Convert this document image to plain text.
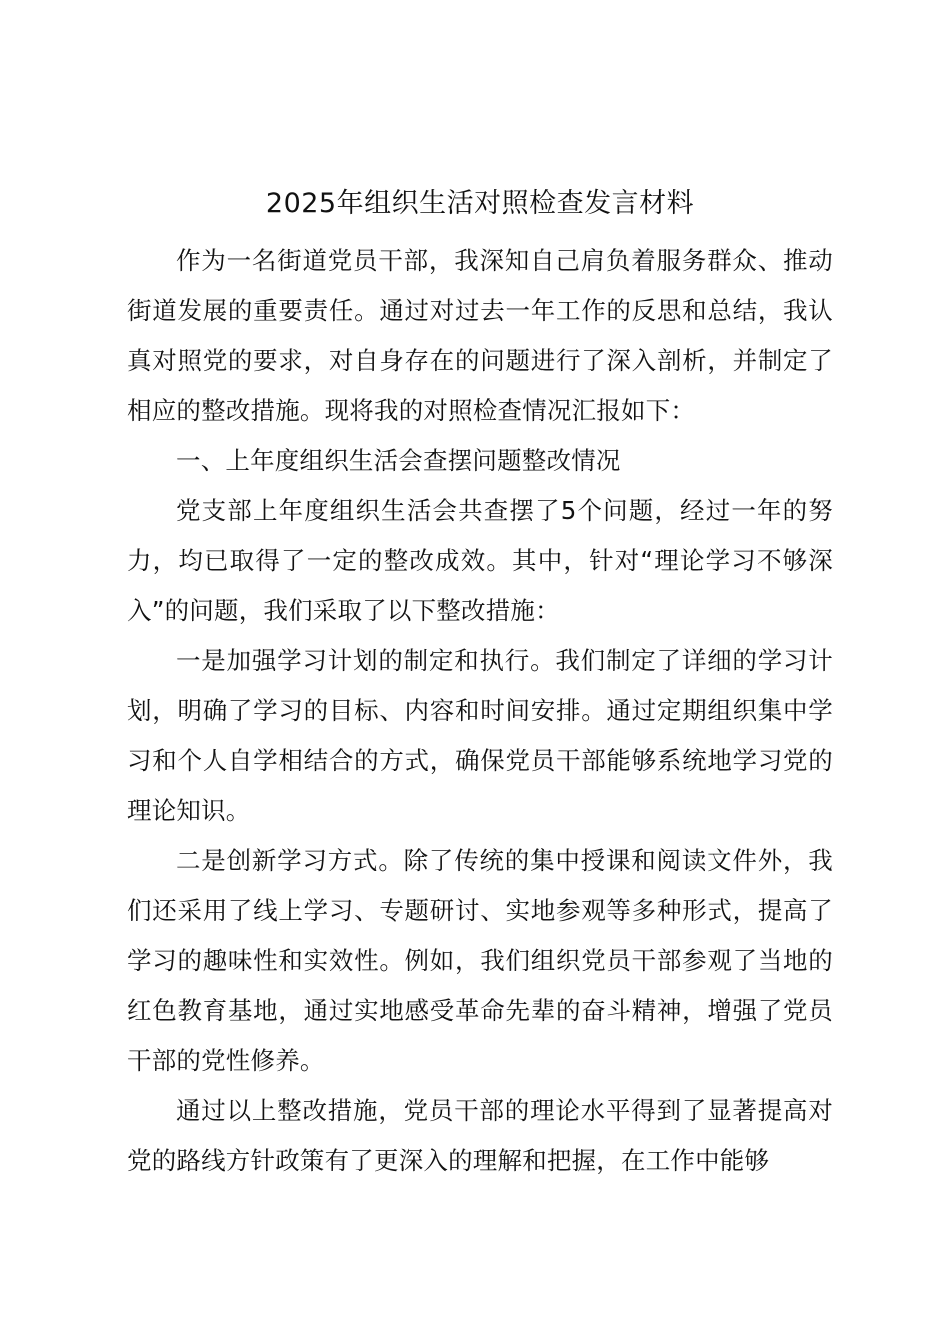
2025年组织生活对照检查发言材料

作为一名街道党员干部，我深知自己肩负着服务群众、推动街道发展的重要责任。通过对过去一年工作的反思和总结，我认真对照党的要求，对自身存在的问题进行了深入剖析，并制定了相应的整改措施。现将我的对照检查情况汇报如下：

一、上年度组织生活会查摆问题整改情况

党支部上年度组织生活会共查摆了5个问题，经过一年的努力，均已取得了一定的整改成效。其中，针对“理论学习不够深入”的问题，我们采取了以下整改措施：

一是加强学习计划的制定和执行。我们制定了详细的学习计划，明确了学习的目标、内容和时间安排。通过定期组织集中学习和个人自学相结合的方式，确保党员干部能够系统地学习党的理论知识。

二是创新学习方式。除了传统的集中授课和阅读文件外，我们还采用了线上学习、专题研讨、实地参观等多种形式，提高了学习的趣味性和实效性。例如，我们组织党员干部参观了当地的红色教育基地，通过实地感受革命先辈的奋斗精神，增强了党员干部的党性修养。

通过以上整改措施，党员干部的理论水平得到了显著提高对党的路线方针政策有了更深入的理解和把握，在工作中能够
